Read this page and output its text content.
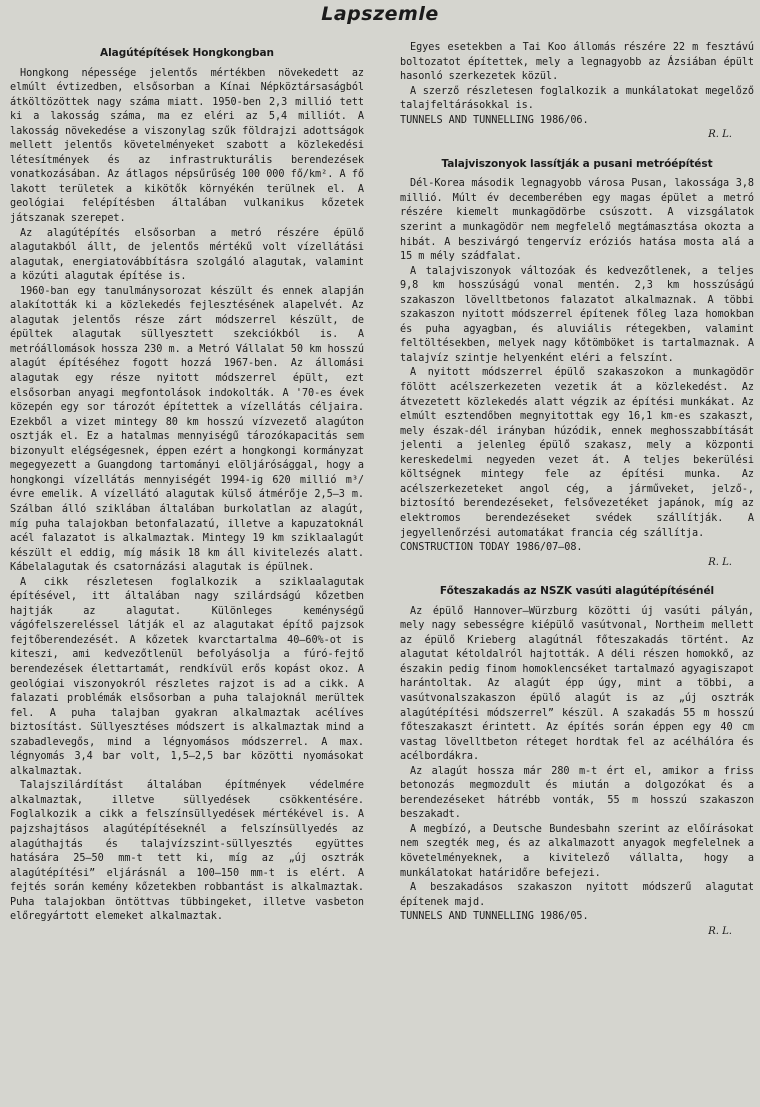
Lapszemle
Alagútépítések Hongkongban

Hongkong népessége jelentős mértékben növekedett az elmúlt évtizedben, elsősorban a Kínai Népköztársaságból átköltözöttek nagy száma miatt. 1950-ben 2,3 millió tett ki a lakosság száma, ma ez eléri az 5,4 milliót. A lakosság növekedése a viszonylag szűk földrajzi adottságok mellett jelentős követelményeket szabott a közlekedési létesítmények és az infrastrukturális berendezések vonatkozásában. Az átlagos népsűrűség 100 000 fő/km². A fő lakott területek a kikötők környékén terülnek el. A geológiai felépítésben általában vulkanikus kőzetek játszanak szerepet.

Az alagútépítés elsősorban a metró részére épülő alagutakból állt, de jelentős mértékű volt vízellátási alagutak, energiatovábbításra szolgáló alagutak, valamint a közúti alagutak építése is.

1960-ban egy tanulmánysorozat készült és ennek alapján alakították ki a közlekedés fejlesztésének alapelvét. Az alagutak jelentős része zárt módszerrel készült, de épültek alagutak süllyesztett szekciókból is. A metróállomások hossza 230 m. a Metró Vállalat 50 km hosszú alagút építéséhez fogott hozzá 1967-ben. Az állomási alagutak egy része nyitott módszerrel épült, ezt elsősorban anyagi megfontolások indokolták. A '70-es évek közepén egy sor tározót építettek a vízellátás céljaira. Ezekből a vizet mintegy 80 km hosszú vízvezető alagúton osztják el. Ez a hatalmas mennyiségű tározókapacitás sem bizonyult elégségesnek, éppen ezért a hongkongi kormányzat megegyezett a Guangdong tartományi elöljárósággal, hogy a hongkongi vízellátás mennyiségét 1994-ig 620 millió m³/évre emelik. A vízellátó alagutak külső átmérője 2,5—3 m. Szálban álló sziklában általában burkolatlan az alagút, míg puha talajokban betonfalazatú, illetve a kapuzatoknál acél falazatot is alkalmaztak. Mintegy 19 km sziklaalagút készült el eddig, míg másik 18 km áll kivitelezés alatt. Kábelalagutak és csatornázási alagutak is épülnek.

A cikk részletesen foglalkozik a sziklaalagutak építésével, itt általában nagy szilárdságú kőzetben hajtják az alagutat. Különleges keménységű vágófelszereléssel látják el az alagutakat építő pajzsok fejtőberendezését. A kőzetek kvarctartalma 40—60%-ot is kiteszi, ami kedvezőtlenül befolyásolja a fúró-fejtő berendezések élettartamát, rendkívül erős kopást okoz. A geológiai viszonyokról részletes rajzot is ad a cikk. A falazati problémák elsősorban a puha talajoknál merültek fel. A puha talajban gyakran alkalmaztak acélíves biztosítást. Süllyesztéses módszert is alkalmaztak mind a szabadlevegős, mind a légnyomásos módszerrel. A max. légnyomás 3,4 bar volt, 1,5—2,5 bar közötti nyomásokat alkalmaztak.

Talajszilárdítást általában építmények védelmére alkalmaztak, illetve süllyedések csökkentésére. Foglalkozik a cikk a felszínsüllyedések mértékével is. A pajzshajtásos alagútépítéseknél a felszínsüllyedés az alagúthajtás és talajvízszint-süllyesztés együttes hatására 25—50 mm-t tett ki, míg az „új osztrák alagútépítési” eljárásnál a 100—150 mm-t is elért. A fejtés során kemény kőzetekben robbantást is alkalmaztak. Puha talajokban öntöttvas tübbingeket, illetve vasbeton előregyártott elemeket alkalmaztak.

Egyes esetekben a Tai Koo állomás részére 22 m fesztávú boltozatot építettek, mely a legnagyobb az Ázsiában épült hasonló szerkezetek közül.

A szerző részletesen foglalkozik a munkálatokat megelőző talajfeltárásokkal is.

TUNNELS AND TUNNELLING 1986/06.

R. L.
Talajviszonyok lassítják a pusani metróépítést

Dél-Korea második legnagyobb városa Pusan, lakossága 3,8 millió. Múlt év decemberében egy magas épület a metró részére kiemelt munkagödörbe csúszott. A vizsgálatok szerint a munkagödör nem megfelelő megtámasztása okozta a hibát. A beszivárgó tengervíz eróziós hatása mosta alá a 15 m mély szádfalat.

A talajviszonyok változóak és kedvezőtlenek, a teljes 9,8 km hosszúságú vonal mentén. 2,3 km hosszúságú szakaszon lövelltbetonos falazatot alkalmaznak. A többi szakaszon nyitott módszerrel építenek főleg laza homokban és puha agyagban, és aluviális rétegekben, valamint feltöltésekben, melyek nagy kőtömböket is tartalmaznak. A talajvíz szintje helyenként eléri a felszínt.

A nyitott módszerrel épülő szakaszokon a munkagödör fölött acélszerkezeten vezetik át a közlekedést. Az átvezetett közlekedés alatt végzik az építési munkákat. Az elmúlt esztendőben megnyitottak egy 16,1 km-es szakaszt, mely észak-dél irányban húzódik, ennek meghosszabbítását jelenti a jelenleg épülő szakasz, mely a központi kereskedelmi negyeden vezet át. A teljes bekerülési költségnek mintegy fele az építési munka. Az acélszerkezeteket angol cég, a járműveket, jelző-, biztosító berendezéseket, felsővezetéket japánok, míg az elektromos berendezéseket svédek szállítják. A jegyellenőrzési automatákat francia cég szállítja.

CONSTRUCTION TODAY 1986/07—08.

R. L.
Főteszakadás az NSZK vasúti alagútépítésénél

Az épülő Hannover—Würzburg közötti új vasúti pályán, mely nagy sebességre kiépülő vasútvonal, Northeim mellett az épülő Krieberg alagútnál főteszakadás történt. Az alagutat kétoldalról hajtották. A déli részen homokkő, az északin pedig finom homoklencséket tartalmazó agyagiszapot harántoltak. Az alagút épp úgy, mint a többi, a vasútvonalszakaszon épülő alagút is az „új osztrák alagútépítési módszerrel” készül. A szakadás 55 m hosszú főteszakaszt érintett. Az építés során éppen egy 40 cm vastag lövelltbeton réteget hordtak fel az acélhálóra és acélbordákra.

Az alagút hossza már 280 m-t ért el, amikor a friss betonozás megmozdult és miután a dolgozókat és a berendezéseket hátrébb vonták, 55 m hosszú szakaszon beszakadt.

A megbízó, a Deutsche Bundesbahn szerint az előírásokat nem szegték meg, és az alkalmazott anyagok megfelelnek a követelményeknek, a kivitelező vállalta, hogy a munkálatokat határidőre befejezi.

A beszakadásos szakaszon nyitott módszerű alagutat építenek majd.

TUNNELS AND TUNNELLING 1986/05.

R. L.
